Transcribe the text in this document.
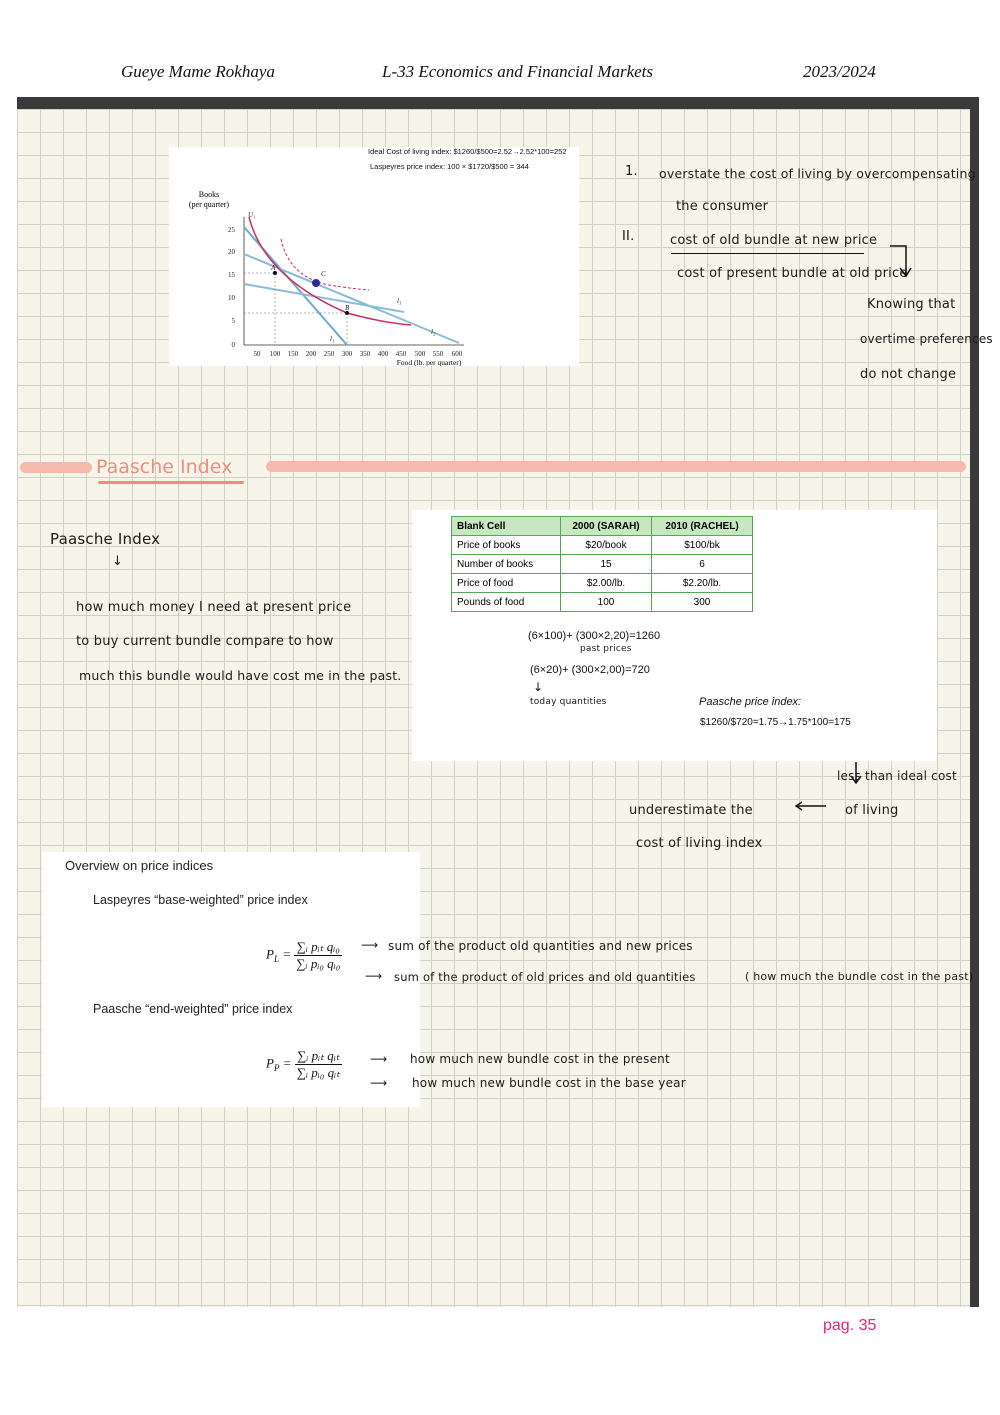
Gueye Mame Rokhaya	L-33 Economics and Financial Markets	2023/2024
Ideal Cost of living index: $1260/$500=2.52→2.52*100=252
Laspeyres price index: 100 × $1720/$500 = 344
Books
(per quarter)
25
20
15
10
5
0
50 100 150 200 250 300 350 400 450 500 550 600
Food (lb. per quarter)
U₁
A
B
C
l₁
l₂
l₃
1. overstate the cost of living by overcompensating
the consumer
II.	cost of old bundle at new price
cost of present bundle at old price
Knowing that
overtime preferences
do not change
Paasche Index
Paasche Index
↓
how much money I need at present price
to buy current bundle compare to how
much this bundle would have cost me in the past.
Blank Cell	2000 (SARAH)	2010 (RACHEL)
Price of books	$20/book	$100/bk
Number of books	15	6
Price of food	$2.00/lb.	$2.20/lb.
Pounds of food	100	300
(6×100)+ (300×2,20)=1260
past prices
(6×20)+ (300×2,00)=720
↓
today quantities	Paasche price index:
$1260/$720=1.75→1.75*100=175
less than ideal cost
of living
underestimate the
cost of living index
Overview on price indices
Laspeyres “base-weighted” price index
$P_L = \frac{\text{∑ᵢ pᵢₜ qᵢ₀}}{\text{∑ᵢ pᵢ₀ qᵢ₀}}$ ⟶ sum of the product old quantities and new prices
⟶ sum of the product of old prices and old quantities	( how much the bundle cost in the past)
Paasche “end-weighted” price index
$P_P = \frac{\text{∑ᵢ pᵢₜ qᵢₜ}}{\text{∑ᵢ pᵢ₀ qᵢₜ}}$ ⟶ how much new bundle cost in the present
⟶ how much new bundle cost in the base year
pag. 35
